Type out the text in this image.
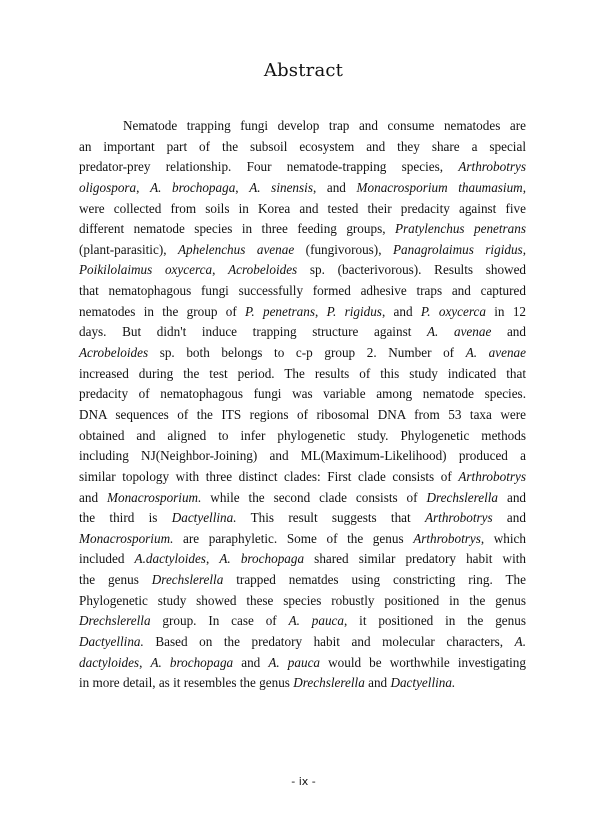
Abstract
Nematode trapping fungi develop trap and consume nematodes are
an important part of the subsoil ecosystem and they share a special
predator-prey relationship. Four nematode-trapping species, Arthrobotrys
oligospora, A. brochopaga, A. sinensis, and Monacrosporium thaumasium,
were collected from soils in Korea and tested their predacity against five
different nematode species in three feeding groups, Pratylenchus penetrans
(plant-parasitic), Aphelenchus avenae (fungivorous), Panagrolaimus rigidus,
Poikilolaimus oxycerca, Acrobeloides sp. (bacterivorous). Results showed
that nematophagous fungi successfully formed adhesive traps and captured
nematodes in the group of P. penetrans, P. rigidus, and P. oxycerca in 12
days. But didn't induce trapping structure against A. avenae and
Acrobeloides sp. both belongs to c-p group 2. Number of A. avenae
increased during the test period. The results of this study indicated that
predacity of nematophagous fungi was variable among nematode species.
DNA sequences of the ITS regions of ribosomal DNA from 53 taxa were
obtained and aligned to infer phylogenetic study. Phylogenetic methods
including NJ(Neighbor-Joining) and ML(Maximum-Likelihood) produced a
similar topology with three distinct clades: First clade consists of Arthrobotrys
and Monacrosporium. while the second clade consists of Drechslerella and
the third is Dactyellina. This result suggests that Arthrobotrys and
Monacrosporium. are paraphyletic. Some of the genus Arthrobotrys, which
included A.dactyloides, A. brochopaga shared similar predatory habit with
the genus Drechslerella trapped nematdes using constricting ring. The
Phylogenetic study showed these species robustly positioned in the genus
Drechslerella group. In case of A. pauca, it positioned in the genus
Dactyellina. Based on the predatory habit and molecular characters, A.
dactyloides, A. brochopaga and A. pauca would be worthwhile investigating
in more detail, as it resembles the genus Drechslerella and Dactyellina.
- ix -
